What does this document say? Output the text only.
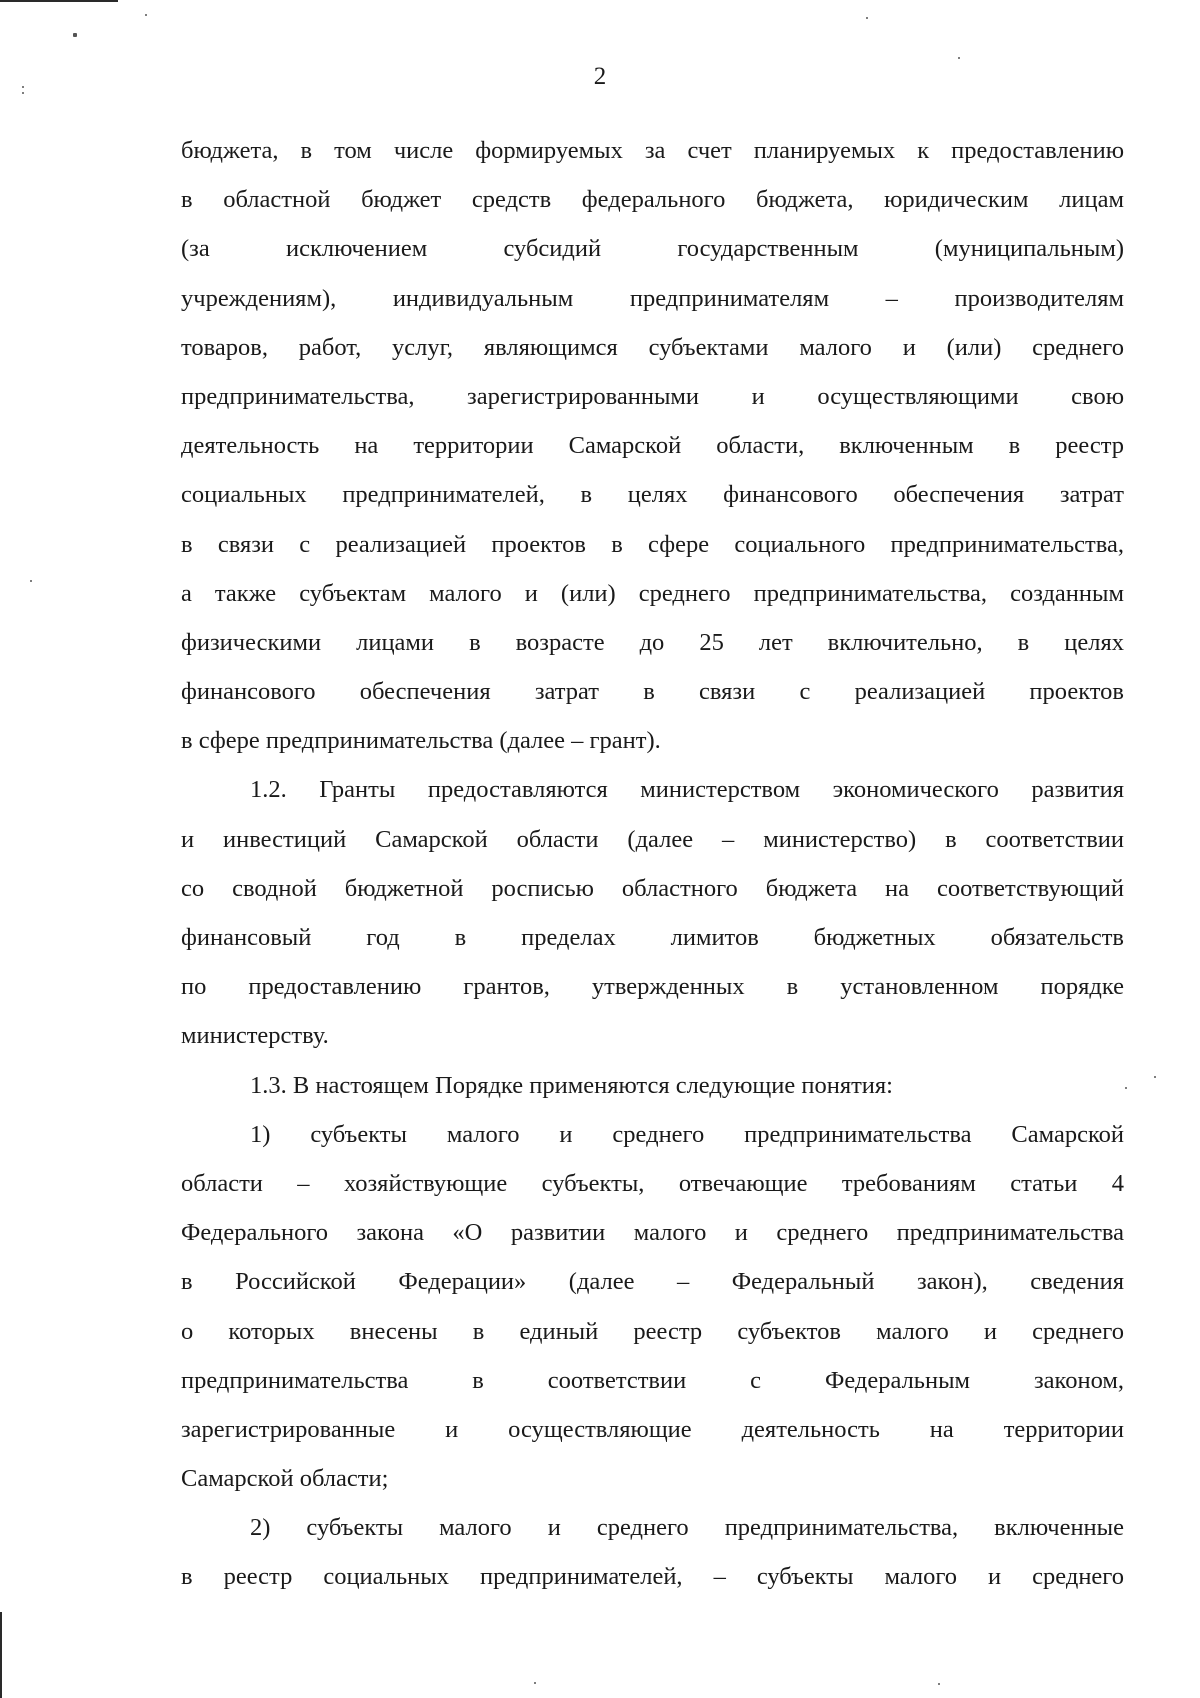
2
бюджета, в том числе формируемых за счет планируемых к предоставлению
в областной бюджет средств федерального бюджета, юридическим лицам
(за исключением субсидий государственным (муниципальным)
учреждениям), индивидуальным предпринимателям – производителям
товаров, работ, услуг, являющимся субъектами малого и (или) среднего
предпринимательства, зарегистрированными и осуществляющими свою
деятельность на территории Самарской области, включенным в реестр
социальных предпринимателей, в целях финансового обеспечения затрат
в связи с реализацией проектов в сфере социального предпринимательства,
а также субъектам малого и (или) среднего предпринимательства, созданным
физическими лицами в возрасте до 25 лет включительно, в целях
финансового обеспечения затрат в связи с реализацией проектов
в сфере предпринимательства (далее – грант).
1.2. Гранты предоставляются министерством экономического развития
и инвестиций Самарской области (далее – министерство) в соответствии
со сводной бюджетной росписью областного бюджета на соответствующий
финансовый год в пределах лимитов бюджетных обязательств
по предоставлению грантов, утвержденных в установленном порядке
министерству.
1.3. В настоящем Порядке применяются следующие понятия:
1) субъекты малого и среднего предпринимательства Самарской
области – хозяйствующие субъекты, отвечающие требованиям статьи 4
Федерального закона «О развитии малого и среднего предпринимательства
в Российской Федерации» (далее – Федеральный закон), сведения
о которых внесены в единый реестр субъектов малого и среднего
предпринимательства в соответствии с Федеральным законом,
зарегистрированные и осуществляющие деятельность на территории
Самарской области;
2) субъекты малого и среднего предпринимательства, включенные
в реестр социальных предпринимателей, – субъекты малого и среднего
